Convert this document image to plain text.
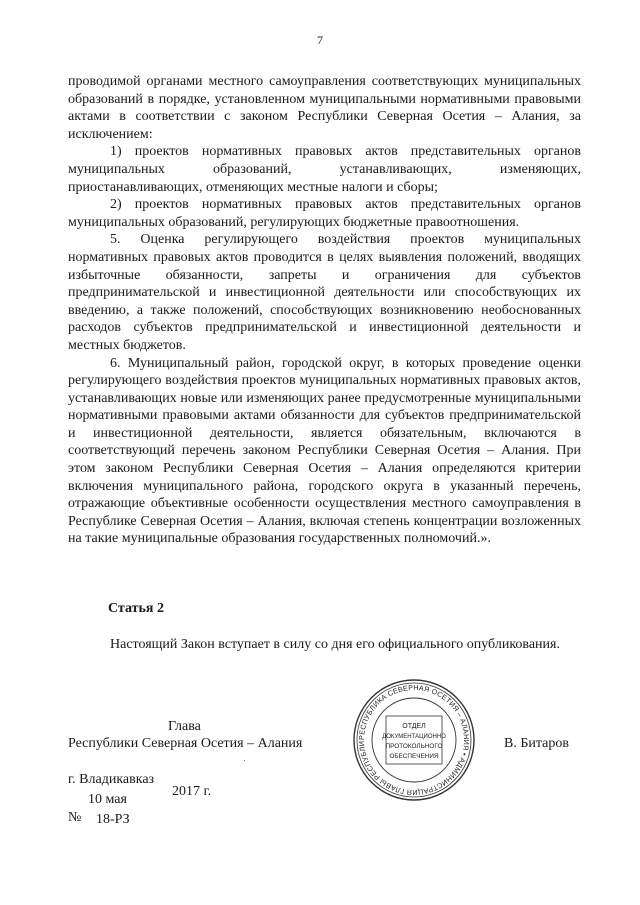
7

проводимой органами местного самоуправления соответствующих муниципальных образований в порядке, установленном муниципальными нормативными правовыми актами в соответствии с законом Республики Северная Осетия – Алания, за исключением:

1) проектов нормативных правовых актов представительных органов муниципальных образований, устанавливающих, изменяющих, приостанавливающих, отменяющих местные налоги и сборы;

2) проектов нормативных правовых актов представительных органов муниципальных образований, регулирующих бюджетные правоотношения.

5. Оценка регулирующего воздействия проектов муниципальных нормативных правовых актов проводится в целях выявления положений, вводящих избыточные обязанности, запреты и ограничения для субъектов предпринимательской и инвестиционной деятельности или способствующих их введению, а также положений, способствующих возникновению необоснованных расходов субъектов предпринимательской и инвестиционной деятельности и местных бюджетов.

6. Муниципальный район, городской округ, в которых проведение оценки регулирующего воздействия проектов муниципальных нормативных правовых актов, устанавливающих новые или изменяющих ранее предусмотренные муниципальными нормативными правовыми актами обязанности для субъектов предпринимательской и инвестиционной деятельности, является обязательным, включаются в соответствующий перечень законом Республики Северная Осетия – Алания. При этом законом Республики Северная Осетия – Алания определяются критерии включения муниципального района, городского округа в указанный перечень, отражающие объективные особенности осуществления местного самоуправления в Республике Северная Осетия – Алания, включая степень концентрации возложенных на такие муниципальные образования государственных полномочий.».

Статья 2

Настоящий Закон вступает в силу со дня его официального опубликования.

Глава
Республики Северная Осетия – Алания	В. Битаров
РЕСПУБЛИКА СЕВЕРНАЯ ОСЕТИЯ – АЛАНИЯ • АДМИНИСТРАЦИЯ ГЛАВЫ РЕСПУБЛИ
ОТДЕЛ
ДОКУМЕНТАЦИОННО
ПРОТОКОЛЬНОГО
ОБЕСПЕЧЕНИЯ
г. Владикавказ
2017 г.
10 мая
№ 18-РЗ
